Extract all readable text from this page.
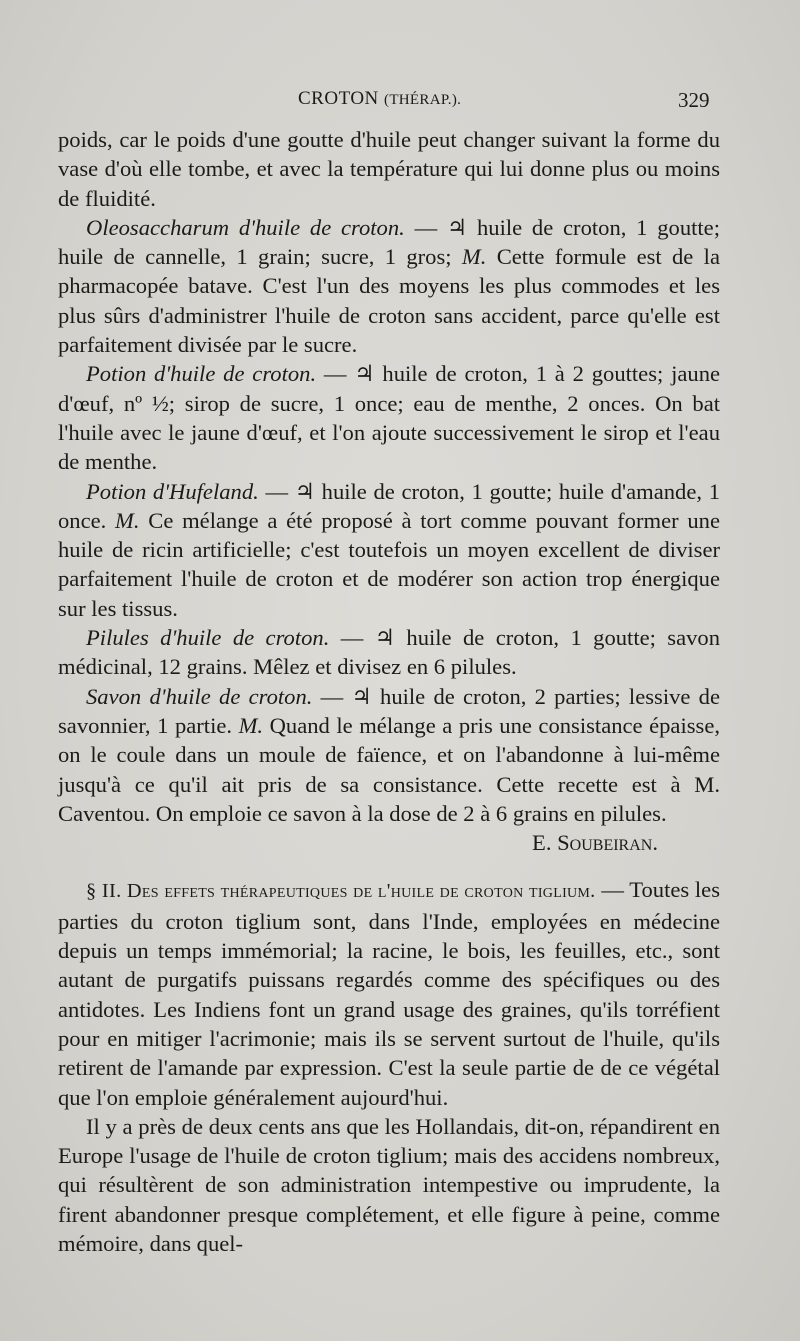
CROTON (THÉRAP.).	329

poids, car le poids d'une goutte d'huile peut changer suivant la forme du vase d'où elle tombe, et avec la température qui lui donne plus ou moins de fluidité.

Oleosaccharum d'huile de croton. — ♃ huile de croton, 1 goutte; huile de cannelle, 1 grain; sucre, 1 gros; M. Cette formule est de la pharmacopée batave. C'est l'un des moyens les plus commodes et les plus sûrs d'administrer l'huile de croton sans accident, parce qu'elle est parfaitement divisée par le sucre.

Potion d'huile de croton. — ♃ huile de croton, 1 à 2 gouttes; jaune d'œuf, nº ½; sirop de sucre, 1 once; eau de menthe, 2 onces. On bat l'huile avec le jaune d'œuf, et l'on ajoute successivement le sirop et l'eau de menthe.

Potion d'Hufeland. — ♃ huile de croton, 1 goutte; huile d'amande, 1 once. M. Ce mélange a été proposé à tort comme pouvant former une huile de ricin artificielle; c'est toutefois un moyen excellent de diviser parfaitement l'huile de croton et de modérer son action trop énergique sur les tissus.

Pilules d'huile de croton. — ♃ huile de croton, 1 goutte; savon médicinal, 12 grains. Mêlez et divisez en 6 pilules.

Savon d'huile de croton. — ♃ huile de croton, 2 parties; lessive de savonnier, 1 partie. M. Quand le mélange a pris une consistance épaisse, on le coule dans un moule de faïence, et on l'abandonne à lui-même jusqu'à ce qu'il ait pris de sa consistance. Cette recette est à M. Caventou. On emploie ce savon à la dose de 2 à 6 grains en pilules.
E. Soubeiran.

§ II. Des effets thérapeutiques de l'huile de croton tiglium. — Toutes les parties du croton tiglium sont, dans l'Inde, employées en médecine depuis un temps immémorial; la racine, le bois, les feuilles, etc., sont autant de purgatifs puissans regardés comme des spécifiques ou des antidotes. Les Indiens font un grand usage des graines, qu'ils torréfient pour en mitiger l'acrimonie; mais ils se servent surtout de l'huile, qu'ils retirent de l'amande par expression. C'est la seule partie de de ce végétal que l'on emploie généralement aujourd'hui.

Il y a près de deux cents ans que les Hollandais, dit-on, répandirent en Europe l'usage de l'huile de croton tiglium; mais des accidens nombreux, qui résultèrent de son administration intempestive ou imprudente, la firent abandonner presque complétement, et elle figure à peine, comme mémoire, dans quel-
